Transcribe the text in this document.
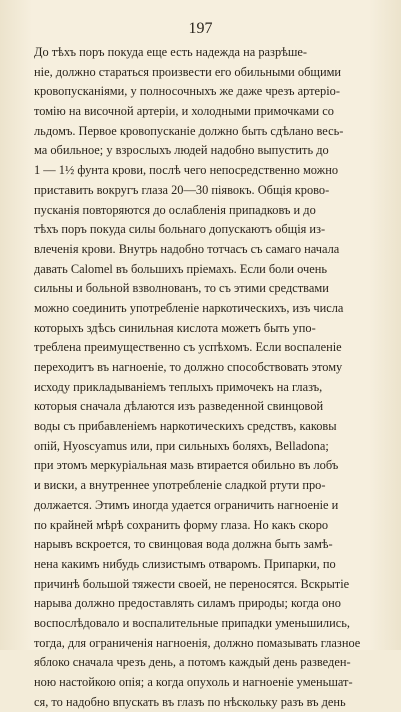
197
До тѣхъ поръ покуда еще есть надежда на разрѣше-
ніе, должно стараться произвести его обильными общими
кровопусканіями, у полносочныхъ же даже чрезъ артеріо-
томію на височной артеріи, и холодными примочками со
льдомъ. Первое кровопусканіе должно быть сдѣлано весь-
ма обильное; у взрослыхъ людей надобно выпустить до
1 — 1½ фунта крови, послѣ чего непосредственно можно
приставить вокругъ глаза 20—30 піявокъ. Общія крово-
пусканія повторяются до ослабленія припадковъ и до
тѣхъ поръ покуда силы больнаго допускаютъ общія из-
влеченія крови. Внутрь надобно тотчасъ съ самаго начала
давать Calomel въ большихъ пріемахъ. Если боли очень
сильны и больной взволнованъ, то съ этими средствами
можно соединить употребленіе наркотическихъ, изъ числа
которыхъ здѣсь синильная кислота можетъ быть упо-
треблена преимущественно съ успѣхомъ. Если воспаленіе
переходитъ въ нагноеніе, то должно способствовать этому
исходу прикладываніемъ теплыхъ примочекъ на глазъ,
которыя сначала дѣлаются изъ разведенной свинцовой
воды съ прибавленіемъ наркотическихъ средствъ, каковы
опій, Hyoscyamus или, при сильныхъ боляхъ, Belladona;
при этомъ меркуріальная мазь втирается обильно въ лобъ
и виски, а внутреннее употребленіе сладкой ртути про-
должается. Этимъ иногда удается ограничить нагноеніе и
по крайней мѣрѣ сохранить форму глаза. Но какъ скоро
нарывъ вскроется, то свинцовая вода должна быть замѣ-
нена какимъ нибудь слизистымъ отваромъ. Припарки, по
причинѣ большой тяжести своей, не переносятся. Вскрытіе
нарыва должно предоставлять силамъ природы; когда оно
воспослѣдовало и воспалительные припадки уменьшились,
тогда, для ограниченія нагноенія, должно помазывать глазное
яблоко сначала чрезъ день, а потомъ каждый день разведен-
ною настойкою опія; а когда опухоль и нагноеніе уменьшат-
ся, то надобно впускать въ глазъ по нѣскольку разъ въ день
